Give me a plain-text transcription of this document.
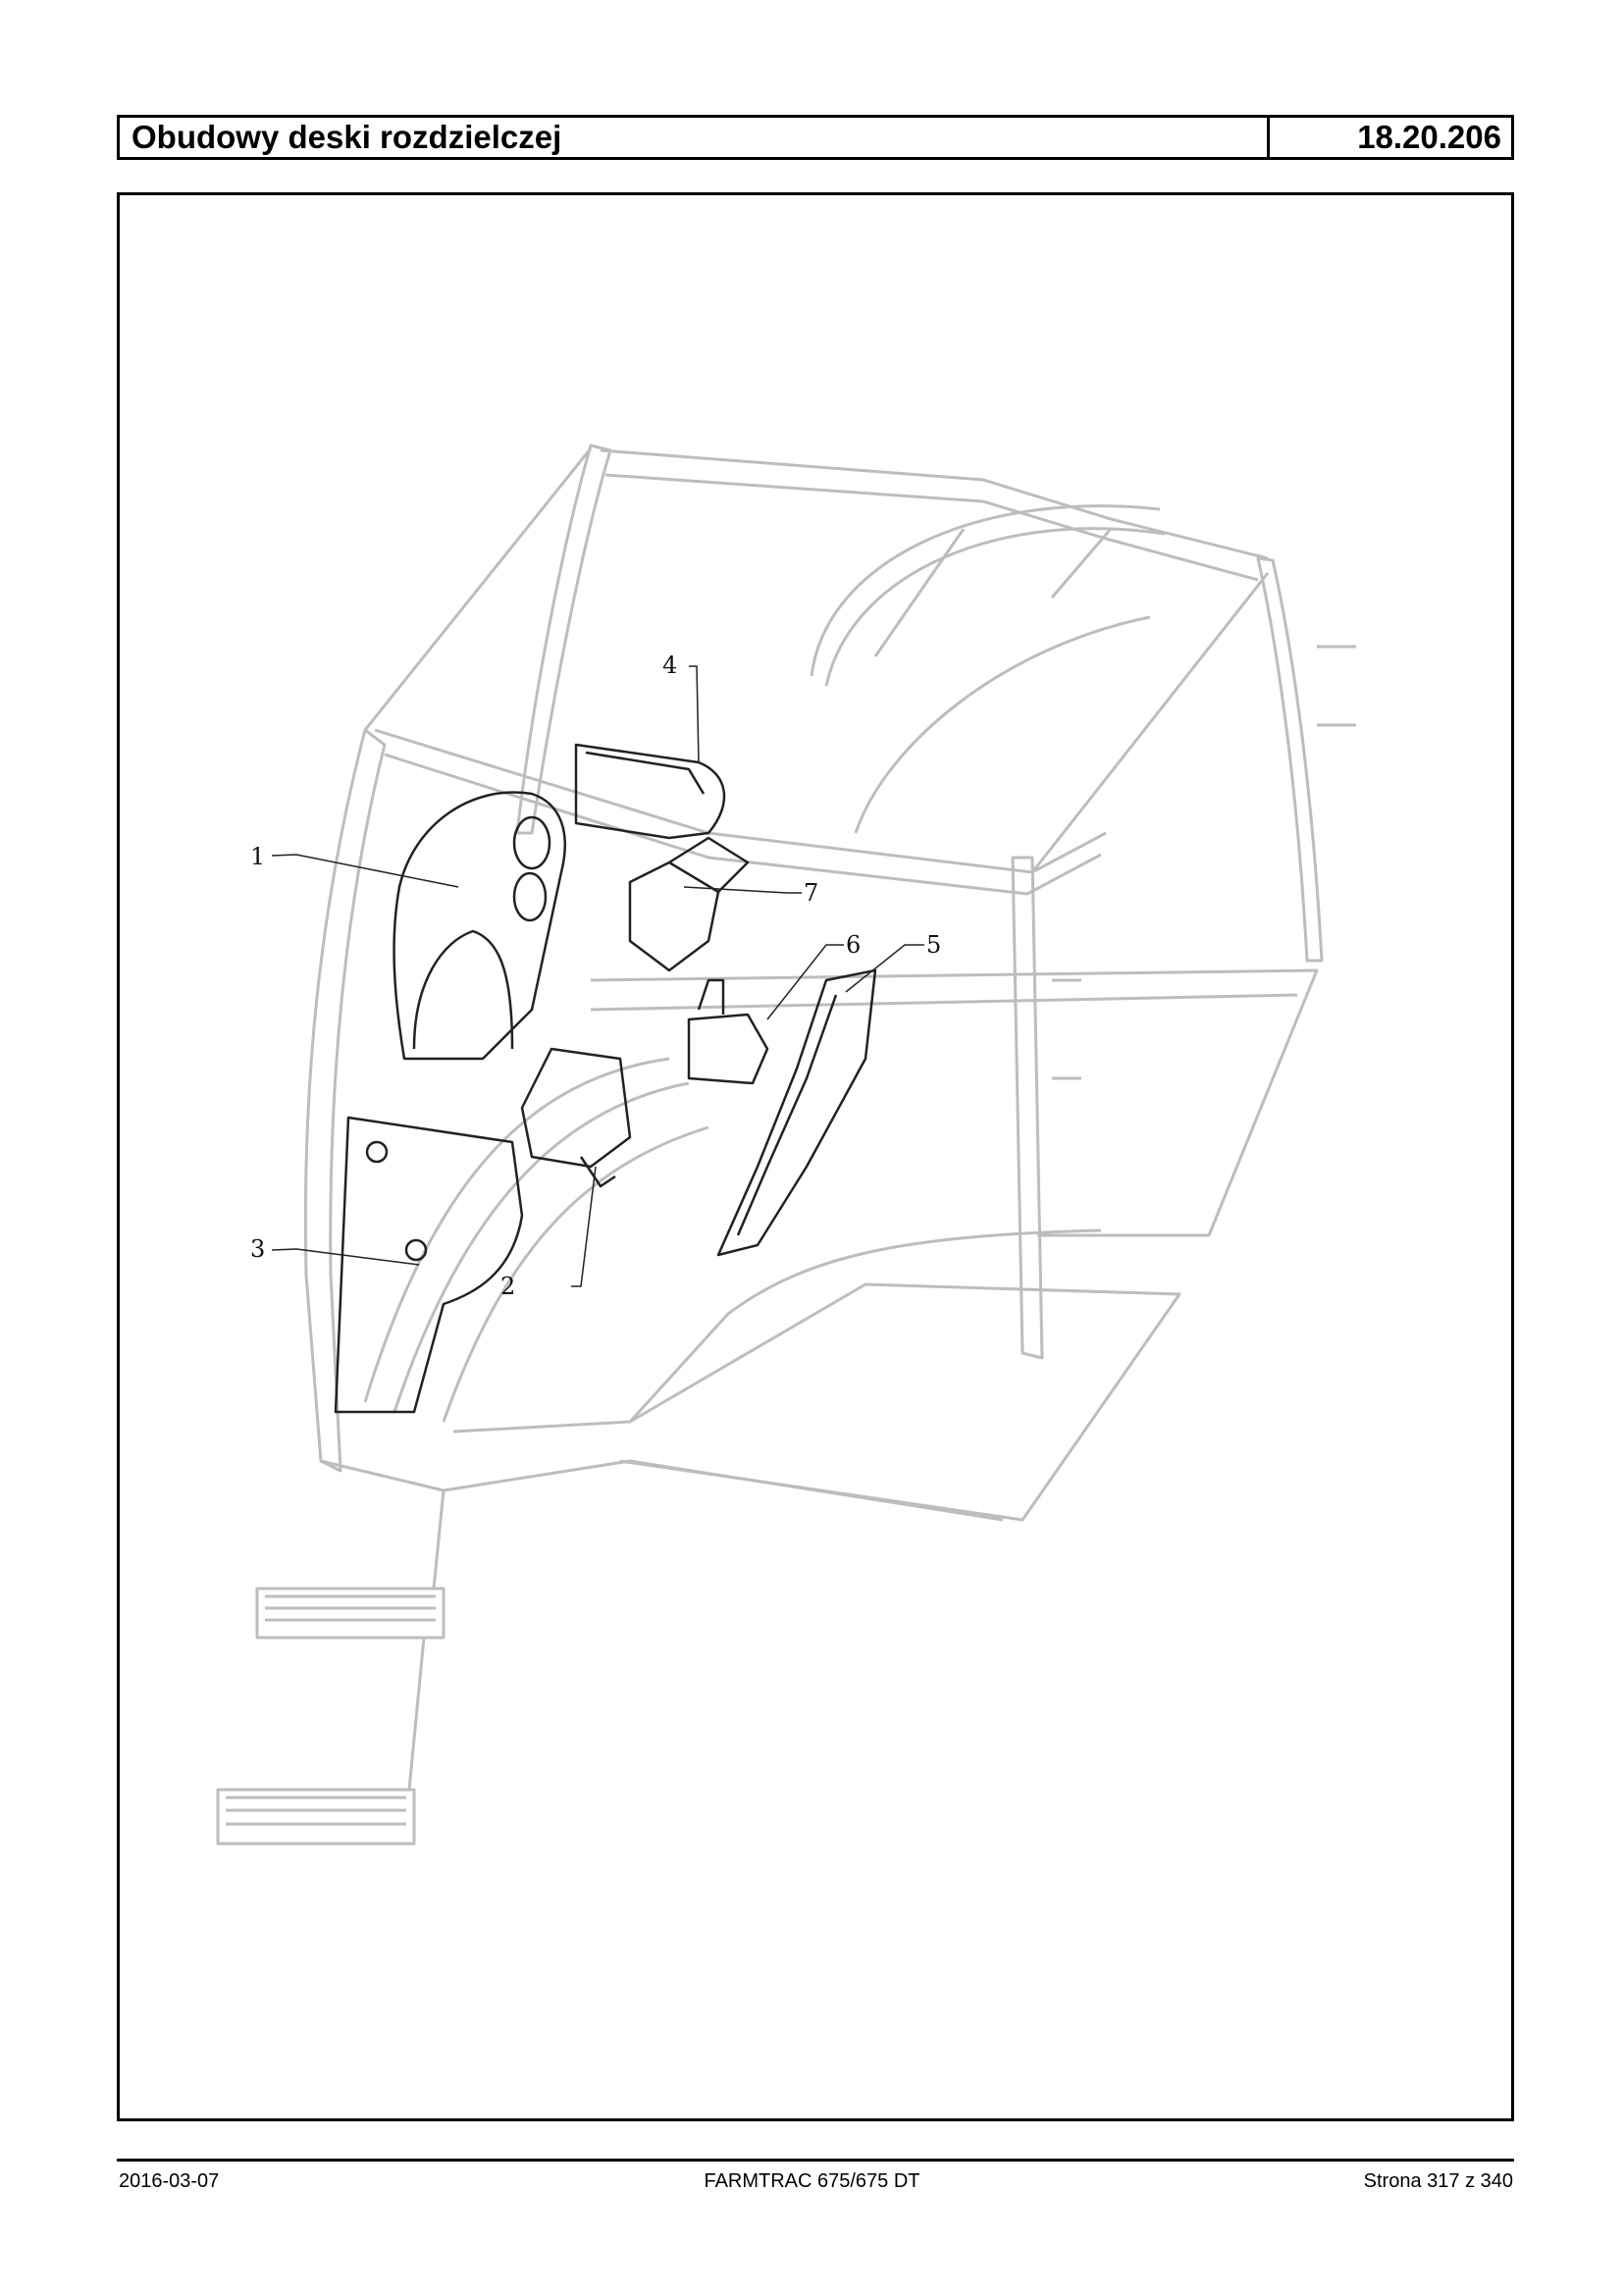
Obudowy deski rozdzielczej	18.20.206
1
2
3
4
5
6
7
2016-03-07	FARMTRAC 675/675 DT	Strona 317 z 340
